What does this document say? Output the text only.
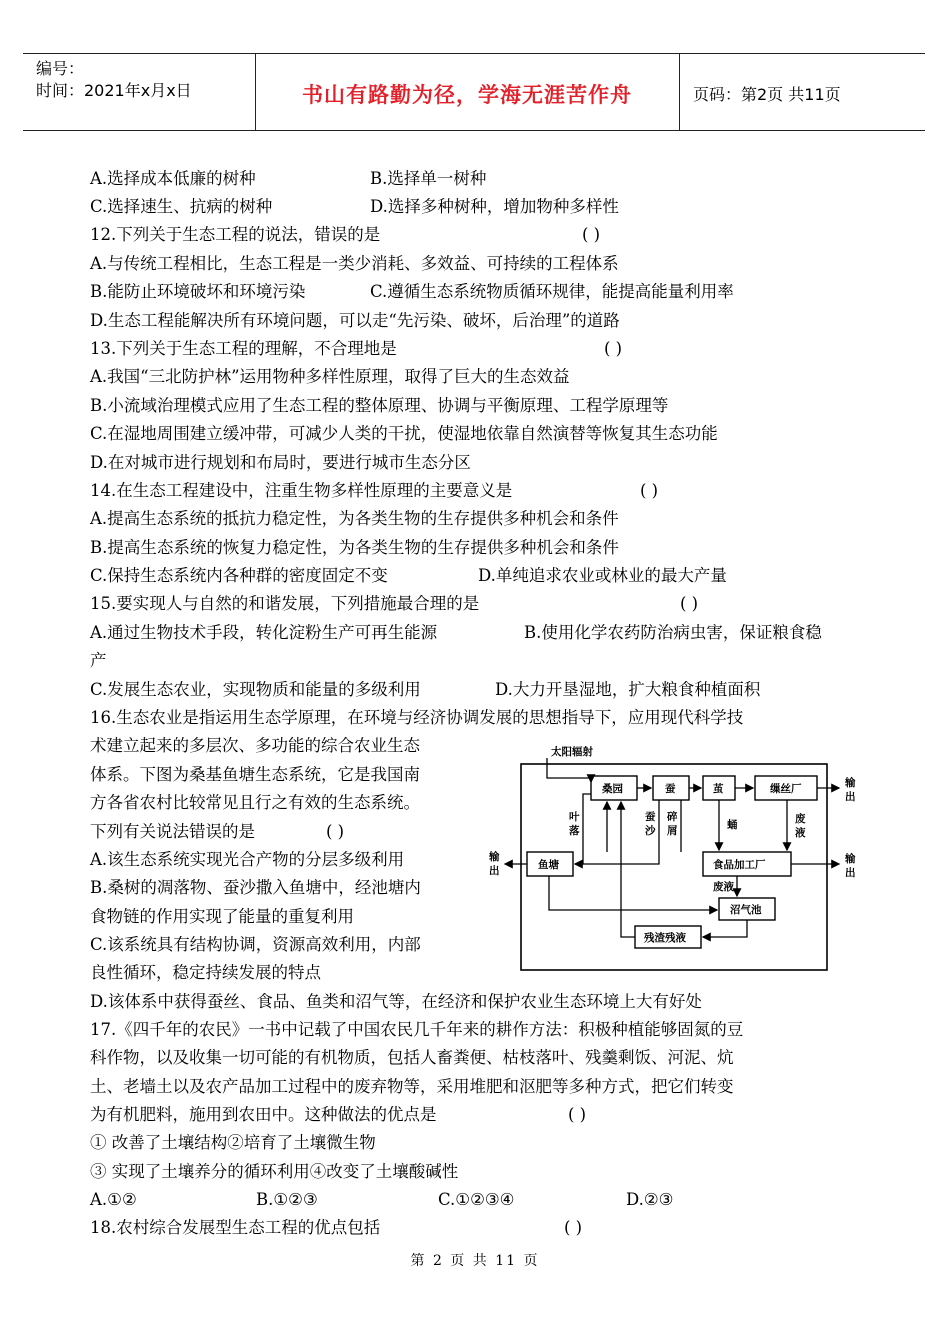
编号：
时间：2021年x月x日	书山有路勤为径，学海无涯苦作舟	页码：第2页 共11页
A.选择成本低廉的树种	B.选择单一树种
C.选择速生、抗病的树种	D.选择多种树种，增加物种多样性
12.下列关于生态工程的说法，错误的是	( )
A.与传统工程相比，生态工程是一类少消耗、多效益、可持续的工程体系
B.能防止环境破坏和环境污染	C.遵循生态系统物质循环规律，能提高能量利用率
D.生态工程能解决所有环境问题，可以走“先污染、破坏，后治理”的道路
13.下列关于生态工程的理解，不合理地是	( )
A.我国“三北防护林”运用物种多样性原理，取得了巨大的生态效益
B.小流域治理模式应用了生态工程的整体原理、协调与平衡原理、工程学原理等
C.在湿地周围建立缓冲带，可减少人类的干扰，使湿地依靠自然演替等恢复其生态功能
D.在对城市进行规划和布局时，要进行城市生态分区
14.在生态工程建设中，注重生物多样性原理的主要意义是	( )
A.提高生态系统的抵抗力稳定性，为各类生物的生存提供多种机会和条件
B.提高生态系统的恢复力稳定性，为各类生物的生存提供多种机会和条件
C.保持生态系统内各种群的密度固定不变	D.单纯追求农业或林业的最大产量
15.要实现人与自然的和谐发展，下列措施最合理的是	( )
A.通过生物技术手段，转化淀粉生产可再生能源	B.使用化学农药防治病虫害，保证粮食稳
产
C.发展生态农业，实现物质和能量的多级利用	D.大力开垦湿地，扩大粮食种植面积
16.生态农业是指运用生态学原理，在环境与经济协调发展的思想指导下，应用现代科学技
术建立起来的多层次、多功能的综合农业生态
体系。下图为桑基鱼塘生态系统，它是我国南
方各省农村比较常见且行之有效的生态系统。
下列有关说法错误的是	( )
A.该生态系统实现光合产物的分层多级利用
B.桑树的凋落物、蚕沙撒入鱼塘中，经池塘内
食物链的作用实现了能量的重复利用
C.该系统具有结构协调，资源高效利用，内部
良性循环，稳定持续发展的特点
D.该体系中获得蚕丝、食品、鱼类和沼气等，在经济和保护农业生态环境上大有好处
太阳辐射
桑园	蚕	茧	缫丝厂
鱼塘	食品加工厂
沼气池
残渣残液
叶
落
蚕
沙
碎
屑	蛹	废
液
废液
输
出
输
出
输
出
17.《四千年的农民》一书中记载了中国农民几千年来的耕作方法：积极种植能够固氮的豆
科作物，以及收集一切可能的有机物质，包括人畜粪便、枯枝落叶、残羹剩饭、河泥、炕
土、老墙土以及农产品加工过程中的废弃物等，采用堆肥和沤肥等多种方式，把它们转变
为有机肥料，施用到农田中。这种做法的优点是	( )
① 改善了土壤结构②培育了土壤微生物
③ 实现了土壤养分的循环利用④改变了土壤酸碱性
A.①②	B.①②③	C.①②③④	D.②③
18.农村综合发展型生态工程的优点包括	( )
第 2 页 共 11 页
